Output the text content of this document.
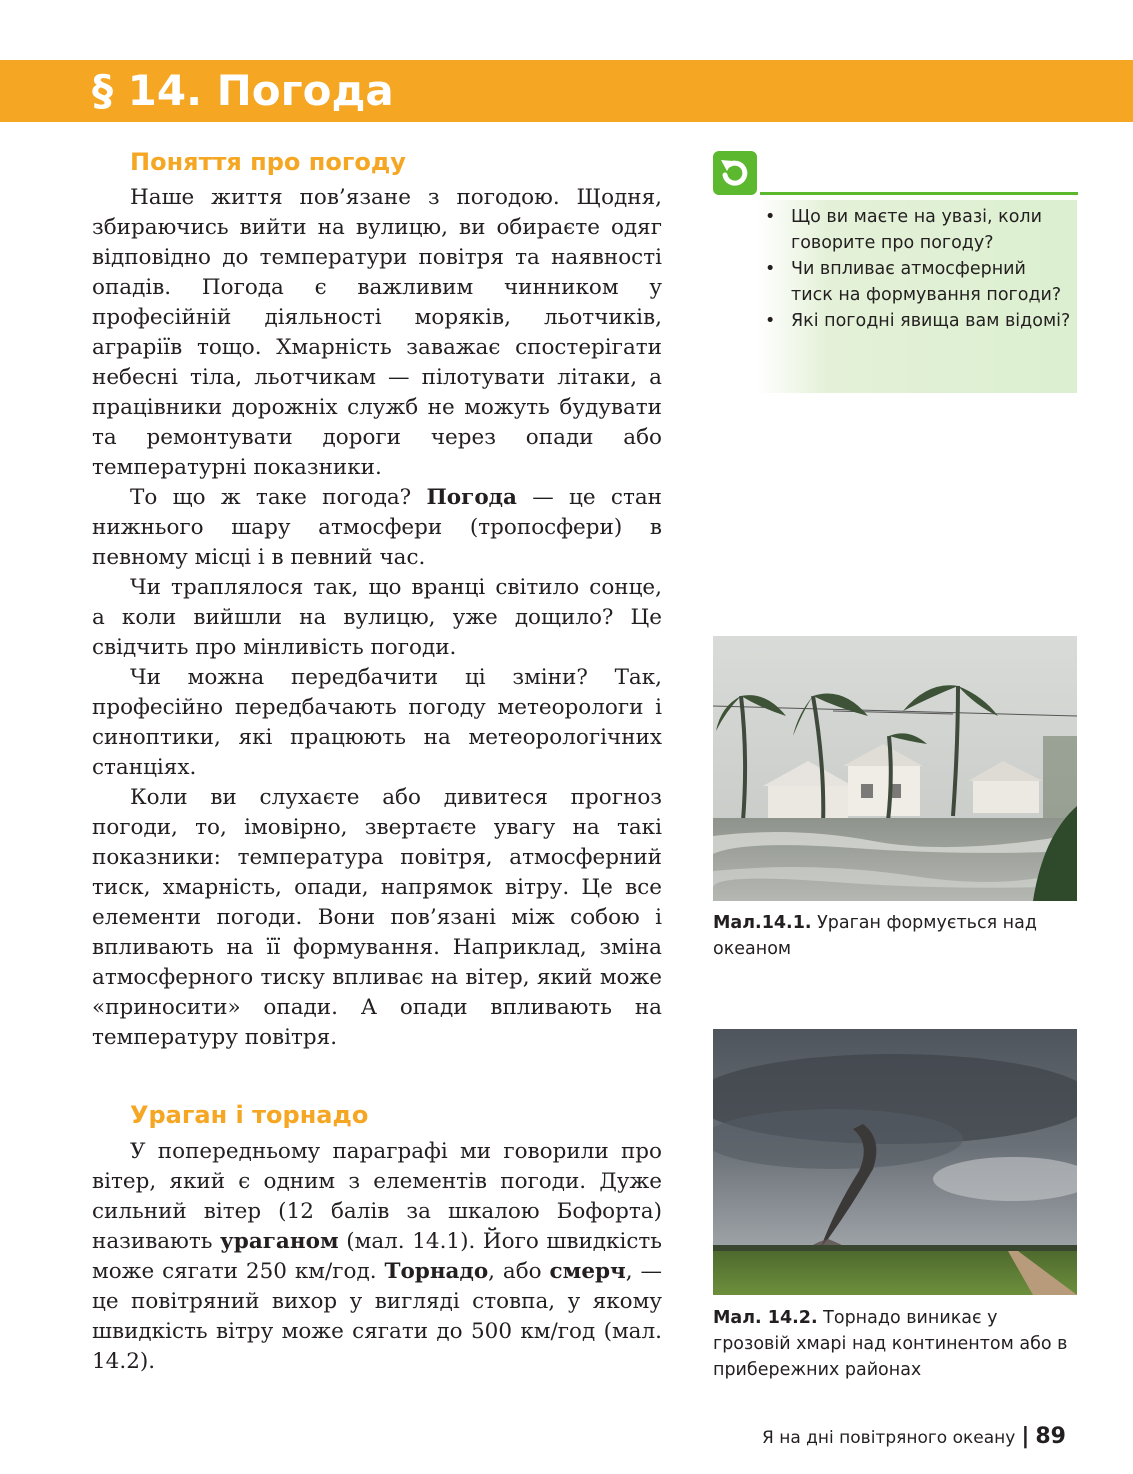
§ 14. Погода
Поняття про погоду

Наше життя пов’язане з погодою. Щодня, збираючись вийти на вулицю, ви обираєте одяг відповідно до температури повітря та наявності опадів. Погода є важливим чинником у професійній діяльності моряків, льотчиків, аграріїв тощо. Хмарність заважає спостерігати небесні тіла, льотчикам — пілотувати літаки, а працівники дорожніх служб не можуть будувати та ремонтувати дороги через опади або температурні показники.

То що ж таке погода? Погода — це стан нижнього шару атмосфери (тропосфери) в певному місці і в певний час.

Чи траплялося так, що вранці світило сонце, а коли вийшли на вулицю, уже дощило? Це свідчить про мінливість погоди.

Чи можна передбачити ці зміни? Так, професійно передбачають погоду метеорологи і синоптики, які працюють на метеорологічних станціях.

Коли ви слухаєте або дивитеся прогноз погоди, то, імовірно, звертаєте увагу на такі показники: температура повітря, атмосферний тиск, хмарність, опади, напрямок вітру. Це все елементи погоди. Вони пов’язані між собою і впливають на її формування. Наприклад, зміна атмосферного тиску впливає на вітер, який може «приносити» опади. А опади впливають на температуру повітря.

Ураган і торнадо

У попередньому параграфі ми говорили про вітер, який є одним з елементів погоди. Дуже сильний вітер (12 балів за шкалою Бофорта) називають ураганом (мал. 14.1). Його швидкість може сягати 250 км/год. Торнадо, або смерч, — це повітряний вихор у вигляді стовпа, у якому швидкість вітру може сягати до 500 км/год (мал. 14.2).

• Що ви маєте на увазі, коли говорите про погоду?
• Чи впливає атмосферний тиск на формування погоди?
• Які погодні явища вам відомі?

Мал.14.1. Ураган формується над океаном

Мал. 14.2. Торнадо виникає у грозовій хмарі над континентом або в прибережних районах

Я на дні повітряного океану | 89
